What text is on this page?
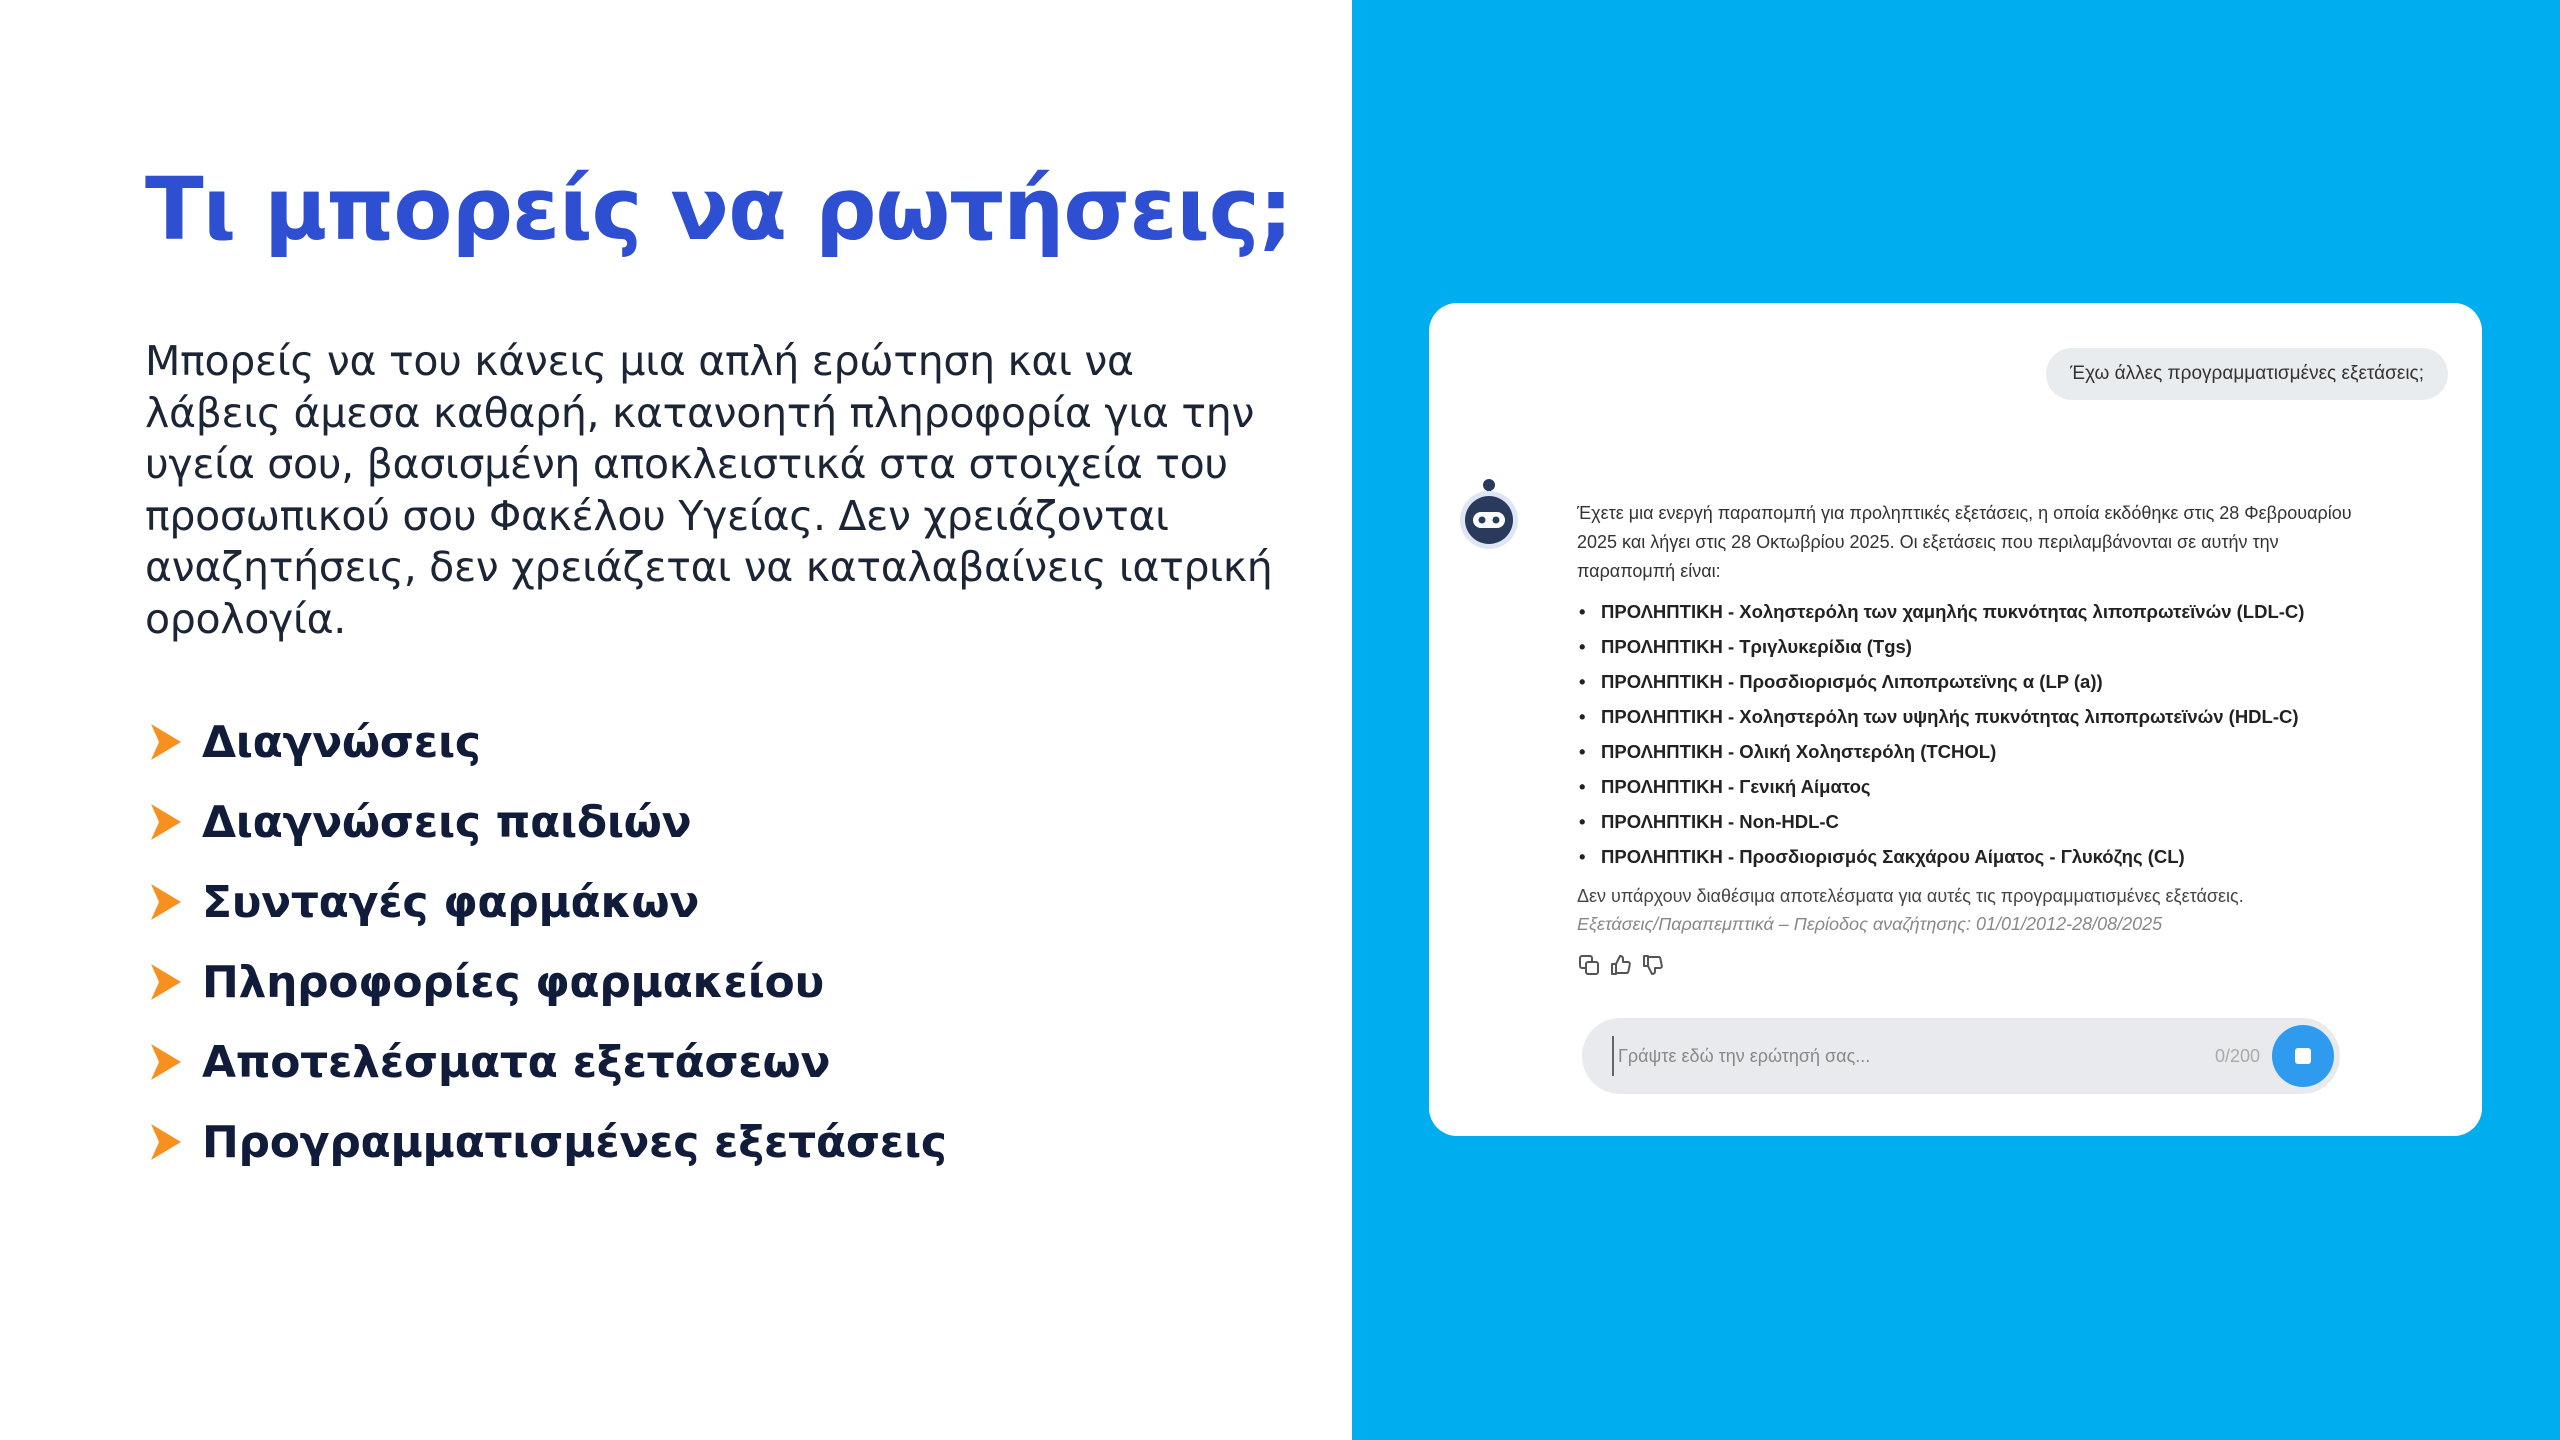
Τι μπορείς να ρωτήσεις;

Μπορείς να του κάνεις μια απλή ερώτηση και να λάβεις άμεσα καθαρή, κατανοητή πληροφορία για την υγεία σου, βασισμένη αποκλειστικά στα στοιχεία του προσωπικού σου Φακέλου Υγείας. Δεν χρειάζονται αναζητήσεις, δεν χρειάζεται να καταλαβαίνεις ιατρική ορολογία.

Διαγνώσεις
Διαγνώσεις παιδιών
Συνταγές φαρμάκων
Πληροφορίες φαρμακείου
Αποτελέσματα εξετάσεων
Προγραμματισμένες εξετάσεις
Έχω άλλες προγραμματισμένες εξετάσεις;

Έχετε μια ενεργή παραπομπή για προληπτικές εξετάσεις, η οποία εκδόθηκε στις 28 Φεβρουαρίου 2025 και λήγει στις 28 Οκτωβρίου 2025. Οι εξετάσεις που περιλαμβάνονται σε αυτήν την παραπομπή είναι:

• ΠΡΟΛΗΠΤΙΚΗ - Χοληστερόλη των χαμηλής πυκνότητας λιποπρωτεϊνών (LDL-C)
• ΠΡΟΛΗΠΤΙΚΗ - Τριγλυκερίδια (Tgs)
• ΠΡΟΛΗΠΤΙΚΗ - Προσδιορισμός Λιποπρωτεϊνης α (LP (a))
• ΠΡΟΛΗΠΤΙΚΗ - Χοληστερόλη των υψηλής πυκνότητας λιποπρωτεϊνών (HDL-C)
• ΠΡΟΛΗΠΤΙΚΗ - Ολική Χοληστερόλη (TCHOL)
• ΠΡΟΛΗΠΤΙΚΗ - Γενική Αίματος
• ΠΡΟΛΗΠΤΙΚΗ - Non-HDL-C
• ΠΡΟΛΗΠΤΙΚΗ - Προσδιορισμός Σακχάρου Αίματος - Γλυκόζης (CL)

Δεν υπάρχουν διαθέσιμα αποτελέσματα για αυτές τις προγραμματισμένες εξετάσεις.

Εξετάσεις/Παραπεμπτικά – Περίοδος αναζήτησης: 01/01/2012-28/08/2025

Γράψτε εδώ την ερώτησή σας...
0/200
